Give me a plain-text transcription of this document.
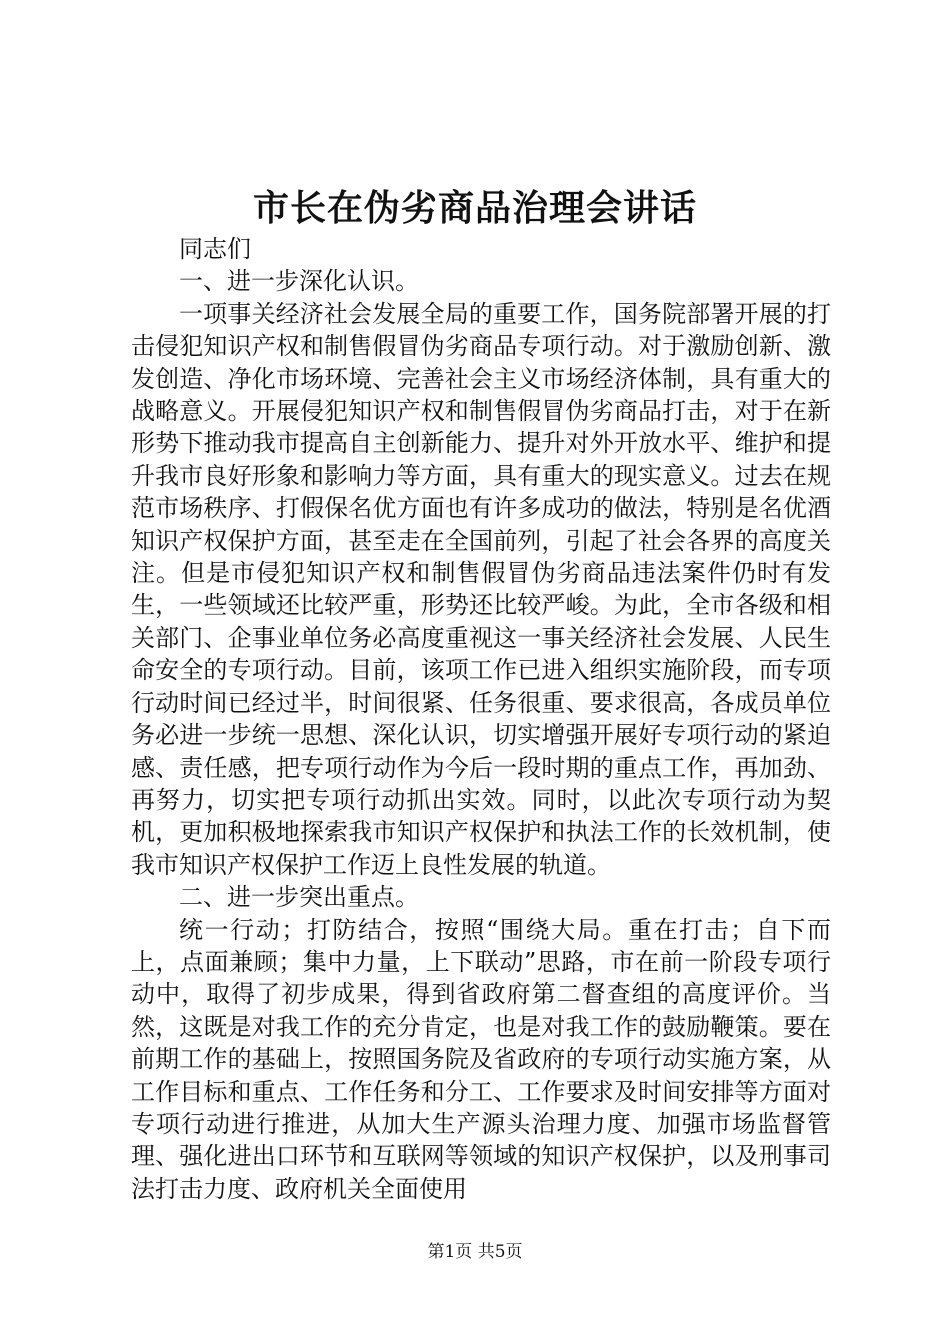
市长在伪劣商品治理会讲话

同志们

一、进一步深化认识。

一项事关经济社会发展全局的重要工作，国务院部署开展的打击侵犯知识产权和制售假冒伪劣商品专项行动。对于激励创新、激发创造、净化市场环境、完善社会主义市场经济体制，具有重大的战略意义。开展侵犯知识产权和制售假冒伪劣商品打击，对于在新形势下推动我市提高自主创新能力、提升对外开放水平、维护和提升我市良好形象和影响力等方面，具有重大的现实意义。过去在规范市场秩序、打假保名优方面也有许多成功的做法，特别是名优酒知识产权保护方面，甚至走在全国前列，引起了社会各界的高度关注。但是市侵犯知识产权和制售假冒伪劣商品违法案件仍时有发生，一些领域还比较严重，形势还比较严峻。为此，全市各级和相关部门、企事业单位务必高度重视这一事关经济社会发展、人民生命安全的专项行动。目前，该项工作已进入组织实施阶段，而专项行动时间已经过半，时间很紧、任务很重、要求很高，各成员单位务必进一步统一思想、深化认识，切实增强开展好专项行动的紧迫感、责任感，把专项行动作为今后一段时期的重点工作，再加劲、再努力，切实把专项行动抓出实效。同时，以此次专项行动为契机，更加积极地探索我市知识产权保护和执法工作的长效机制，使我市知识产权保护工作迈上良性发展的轨道。

二、进一步突出重点。

统一行动；打防结合，按照“围绕大局。重在打击；自下而上，点面兼顾；集中力量，上下联动”思路，市在前一阶段专项行动中，取得了初步成果，得到省政府第二督查组的高度评价。当然，这既是对我工作的充分肯定，也是对我工作的鼓励鞭策。要在前期工作的基础上，按照国务院及省政府的专项行动实施方案，从工作目标和重点、工作任务和分工、工作要求及时间安排等方面对专项行动进行推进，从加大生产源头治理力度、加强市场监督管理、强化进出口环节和互联网等领域的知识产权保护，以及刑事司法打击力度、政府机关全面使用

第1页 共5页
